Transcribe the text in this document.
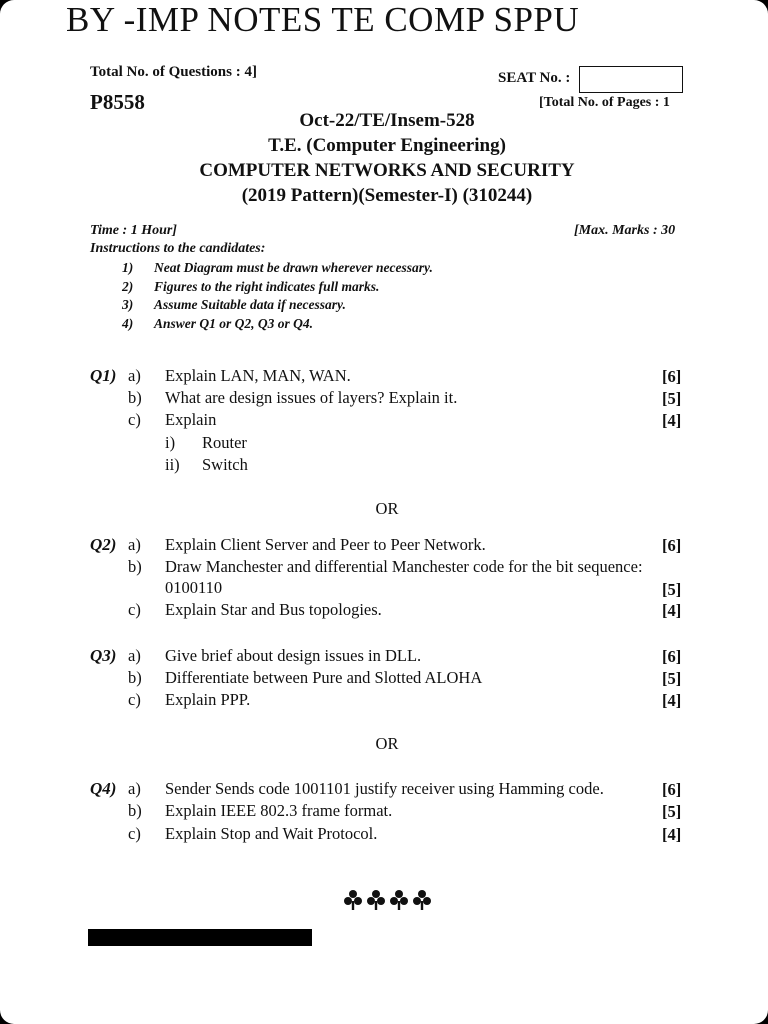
BY -IMP NOTES TE COMP SPPU
Total No. of Questions : 4]	SEAT No. :
P8558	[Total No. of Pages : 1
Oct-22/TE/Insem-528
T.E. (Computer Engineering)
COMPUTER NETWORKS AND SECURITY
(2019 Pattern)(Semester-I) (310244)
Time : 1 Hour]	[Max. Marks : 30
Instructions to the candidates:
1) Neat Diagram must be drawn wherever necessary.
2) Figures to the right indicates full marks.
3) Assume Suitable data if necessary.
4) Answer Q1 or Q2, Q3 or Q4.
Q1) a) Explain LAN, MAN, WAN.	[6]
b) What are design issues of layers? Explain it.	[5]
c) Explain	[4]
i) Router
ii) Switch
OR
Q2) a) Explain Client Server and Peer to Peer Network.	[6]
b) Draw Manchester and differential Manchester code for the bit sequence:
0100110	[5]
c) Explain Star and Bus topologies.	[4]
Q3) a) Give brief about design issues in DLL.	[6]
b) Differentiate between Pure and Slotted ALOHA	[5]
c) Explain PPP.	[4]
OR
Q4) a) Sender Sends code 1001101 justify receiver using Hamming code.	[6]
b) Explain IEEE 802.3 frame format.	[5]
c) Explain Stop and Wait Protocol.	[4]
